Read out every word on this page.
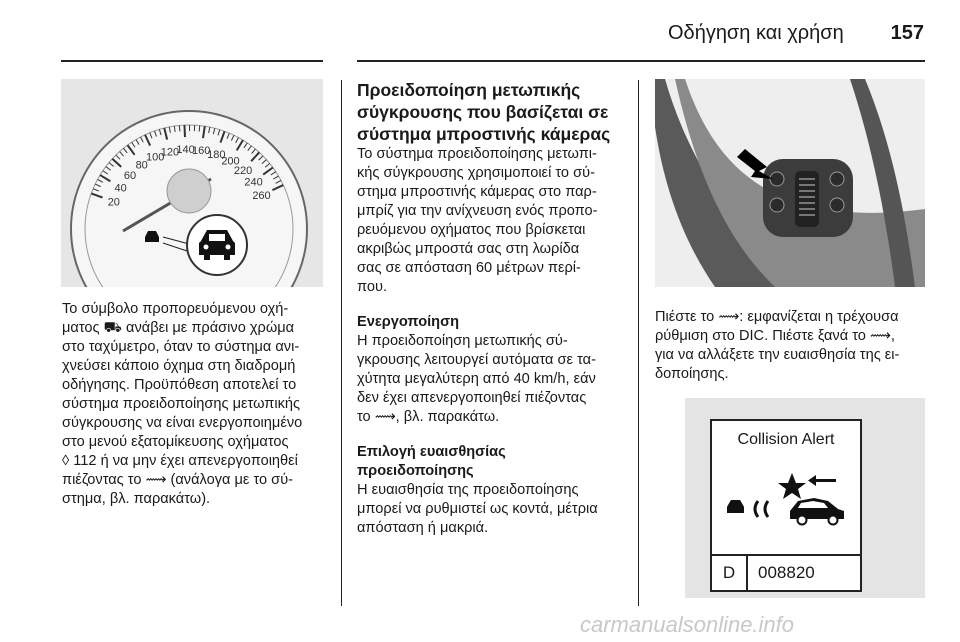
Οδήγηση και χρήση 157
20
40
60
80
100
120
140
160
180
200
220
240
260

Το σύμβολο προπορευόμενου οχή-
ματος ⛟ ανάβει με πράσινο χρώμα
στο ταχύμετρο, όταν το σύστημα ανι-
χνεύσει κάποιο όχημα στη διαδρομή
οδήγησης. Προϋπόθεση αποτελεί το
σύστημα προειδοποίησης μετωπικής
σύγκρουσης να είναι ενεργοποιημένο
στο μενού εξατομίκευσης οχήματος
◊ 112 ή να μην έχει απενεργοποιηθεί
πιέζοντας το ⟿ (ανάλογα με το σύ-
στημα, βλ. παρακάτω).

Προειδοποίηση μετωπικής
σύγκρουσης που βασίζεται σε
σύστημα μπροστινής κάμερας

Το σύστημα προειδοποίησης μετωπι-
κής σύγκρουσης χρησιμοποιεί το σύ-
στημα μπροστινής κάμερας στο παρ-
μπρίζ για την ανίχνευση ενός προπο-
ρευόμενου οχήματος που βρίσκεται
ακριβώς μπροστά σας στη λωρίδα
σας σε απόσταση 60 μέτρων περί-
που.

Ενεργοποίηση

Η προειδοποίηση μετωπικής σύ-
γκρουσης λειτουργεί αυτόματα σε τα-
χύτητα μεγαλύτερη από 40 km/h, εάν
δεν έχει απενεργοποιηθεί πιέζοντας
το ⟿, βλ. παρακάτω.

Επιλογή ευαισθησίας
προειδοποίησης

Η ευαισθησία της προειδοποίησης
μπορεί να ρυθμιστεί ως κοντά, μέτρια
απόσταση ή μακριά.

Πιέστε το ⟿: εμφανίζεται η τρέχουσα
ρύθμιση στο DIC. Πιέστε ξανά το ⟿,
για να αλλάξετε την ευαισθησία της ει-
δοποίησης.

Collision Alert
D	008820
carmanualsonline.info
